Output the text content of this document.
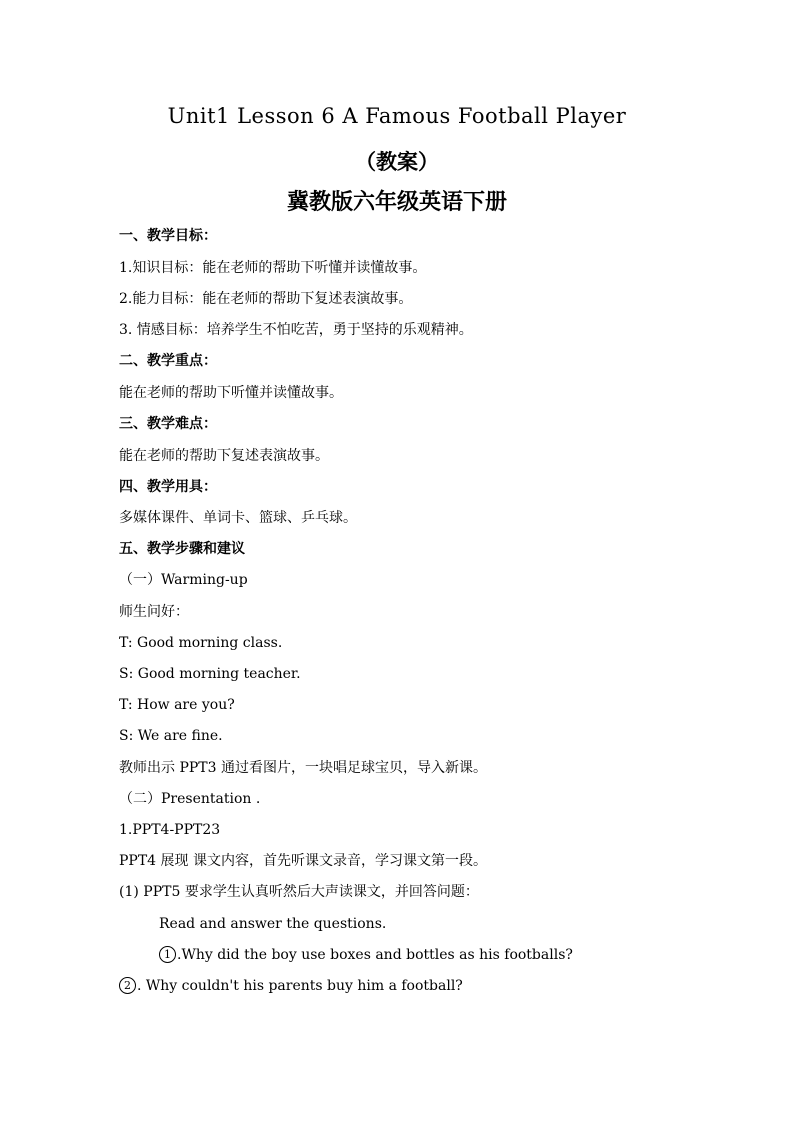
Unit1 Lesson 6 A Famous Football Player
（教案）
冀教版六年级英语下册
一、教学目标：
1.知识目标：能在老师的帮助下听懂并读懂故事。
2.能力目标：能在老师的帮助下复述表演故事。
3. 情感目标：培养学生不怕吃苦，勇于坚持的乐观精神。
二、教学重点：
能在老师的帮助下听懂并读懂故事。
三、教学难点：
能在老师的帮助下复述表演故事。
四、教学用具：
多媒体课件、单词卡、篮球、乒乓球。
五、教学步骤和建议
（一）Warming-up
师生问好：
T: Good morning class.
S: Good morning teacher.
T: How are you?
S: We are fine.
教师出示 PPT3 通过看图片，一块唱足球宝贝，导入新课。
（二）Presentation .
1.PPT4-PPT23
PPT4 展现 课文内容，首先听课文录音，学习课文第一段。
(1) PPT5 要求学生认真听然后大声读课文，并回答问题：
Read and answer the questions.
1 .Why did the boy use boxes and bottles as his footballs?
2 . Why couldn't his parents buy him a football?
